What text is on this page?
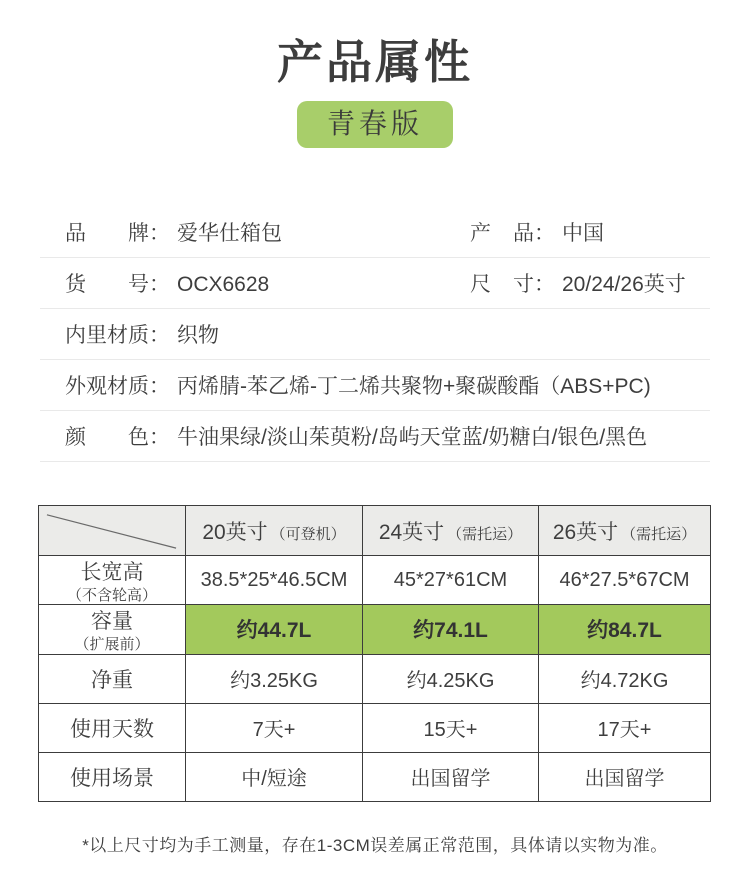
产品属性
青春版
品牌 ： 爱华仕箱包	产品 ： 中国
货号 ： OCX6628	尺寸 ： 20/24/26英寸
内里材质 ： 织物
外观材质 ： 丙烯腈-苯乙烯-丁二烯共聚物+聚碳酸酯（ABS+PC)
颜色 ： 牛油果绿/淡山茱萸粉/岛屿天堂蓝/奶糖白/银色/黑色
	20英寸 （可登机）	24英寸 （需托运）	26英寸 （需托运）
长宽高
（不含轮高）	38.5*25*46.5CM	45*27*61CM	46*27.5*67CM
容量
（扩展前）	约44.7L	约74.1L	约84.7L
净重	约3.25KG	约4.25KG	约4.72KG
使用天数	7天+	15天+	17天+
使用场景	中/短途	出国留学	出国留学

*以上尺寸均为手工测量，存在1-3CM误差属正常范围，具体请以实物为准。
